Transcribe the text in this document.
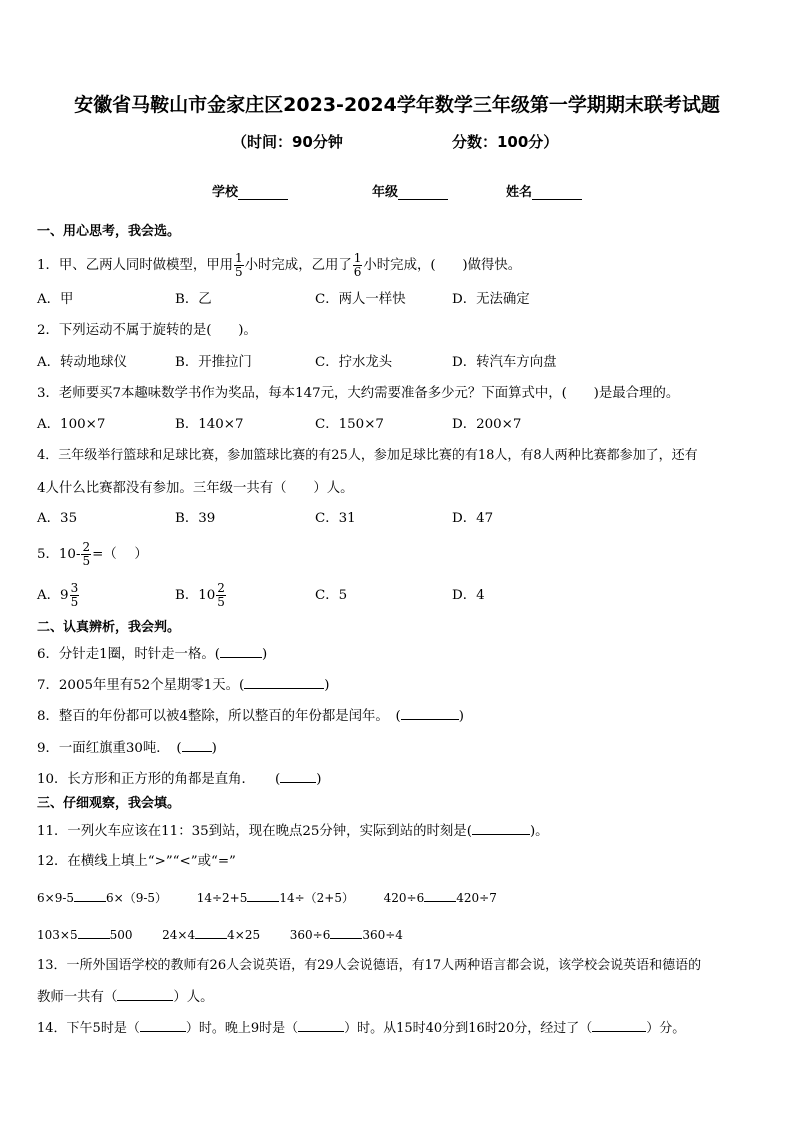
安徽省马鞍山市金家庄区2023-2024学年数学三年级第一学期期末联考试题
（时间：90分钟	分数：100分）
学校	年级	姓名
一、用心思考，我会选。
1．甲、乙两人同时做模型，甲用 $\frac{1}{5}$ 小时完成，乙用了 $\frac{1}{6}$ 小时完成，(　　)做得快。
A．甲	B．乙	C．两人一样快	D．无法确定
2．下列运动不属于旋转的是(　　)。
A．转动地球仪	B．开推拉门	C．拧水龙头	D．转汽车方向盘
3．老师要买7本趣味数学书作为奖品，每本147元，大约需要准备多少元？下面算式中，(　　)是最合理的。
A．100×7	B．140×7	C．150×7	D．200×7
4．三年级举行篮球和足球比赛，参加篮球比赛的有25人，参加足球比赛的有18人，有8人两种比赛都参加了，还有
4人什么比赛都没有参加。三年级一共有（　　）人。
A．35	B．39	C．31	D．47
5．$10- \frac{2}{5}$ =（　 ）
A．$9 \frac{3}{5}$	B．$10 \frac{2}{5}$	C．5	D．4
二、认真辨析，我会判。
6．分针走1圈，时针走一格。(	)
7．2005年里有52个星期零1天。(	)
8．整百的年份都可以被4整除，所以整百的年份都是闰年。　(	)
9．一面红旗重30吨．　( )
10．长方形和正方形的角都是直角．　　(	)
三、仔细观察，我会填。
11．一列火车应该在11：35到站，现在晚点25分钟，实际到站的时刻是(	)。
12．在横线上填上“>”“<”或“=”
6×9-5	6×（9-5） 14÷2+5	14÷（2+5） 420÷6	420÷7
103×5	500 24×4	4×25 360÷6	360÷4
13．一所外国语学校的教师有26人会说英语，有29人会说德语，有17人两种语言都会说，该学校会说英语和德语的
教师一共有（	）人。
14．下午5时是（	）时。晚上9时是（	）时。从15时40分到16时20分，经过了（	）分。
